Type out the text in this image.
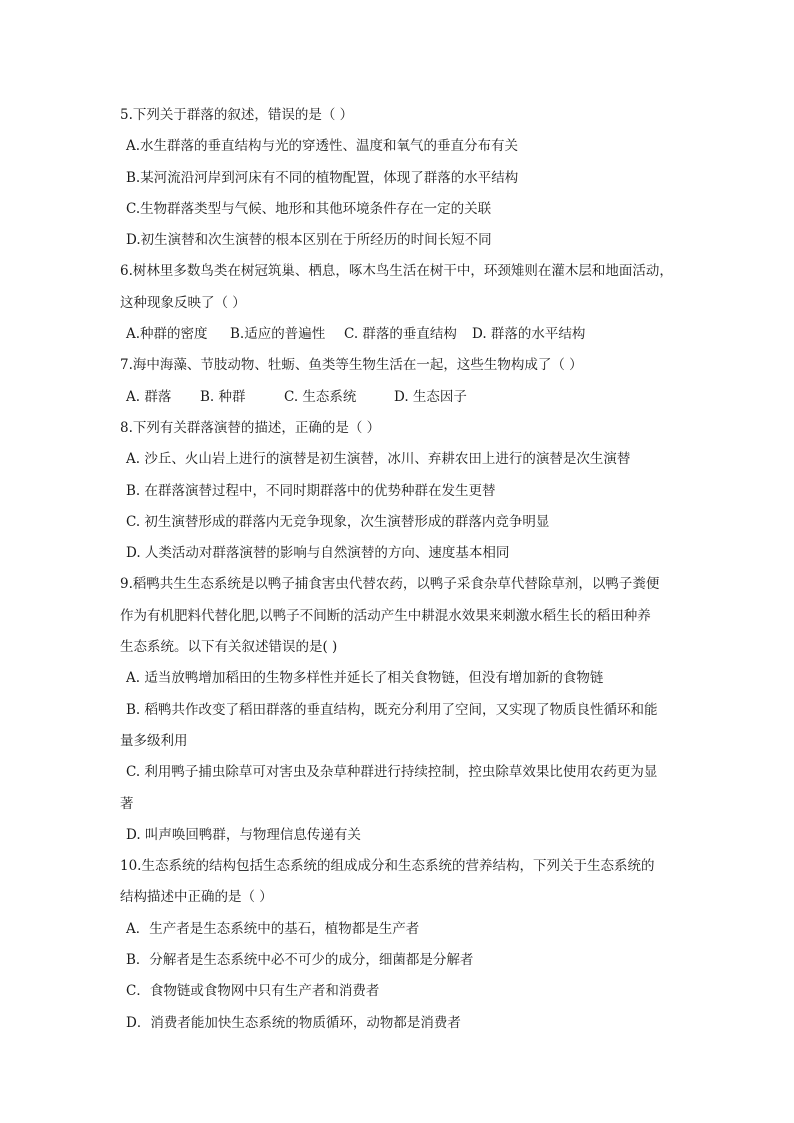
5.下列关于群落的叙述，错误的是（ ）
A.水生群落的垂直结构与光的穿透性、温度和氧气的垂直分布有关
B.某河流沿河岸到河床有不同的植物配置，体现了群落的水平结构
C.生物群落类型与气候、地形和其他环境条件存在一定的关联
D.初生演替和次生演替的根本区别在于所经历的时间长短不同
6.树林里多数鸟类在树冠筑巢、栖息，啄木鸟生活在树干中，环颈雉则在灌木层和地面活动，
这种现象反映了（ ）
A.种群的密度 B.适应的普遍性 C. 群落的垂直结构 D. 群落的水平结构
7.海中海藻、节肢动物、牡蛎、鱼类等生物生活在一起，这些生物构成了（ ）
A. 群落 B. 种群	C. 生态系统	D. 生态因子
8.下列有关群落演替的描述，正确的是（ ）
A. 沙丘、火山岩上进行的演替是初生演替，冰川、弃耕农田上进行的演替是次生演替
B. 在群落演替过程中，不同时期群落中的优势种群在发生更替
C. 初生演替形成的群落内无竞争现象，次生演替形成的群落内竞争明显
D. 人类活动对群落演替的影响与自然演替的方向、速度基本相同
9.稻鸭共生生态系统是以鸭子捕食害虫代替农药，以鸭子采食杂草代替除草剂，以鸭子粪便
作为有机肥料代替化肥,以鸭子不间断的活动产生中耕混水效果来刺激水稻生长的稻田种养
生态系统。以下有关叙述错误的是( )
A. 适当放鸭增加稻田的生物多样性并延长了相关食物链，但没有增加新的食物链
B. 稻鸭共作改变了稻田群落的垂直结构，既充分利用了空间，又实现了物质良性循环和能
量多级利用
C. 利用鸭子捕虫除草可对害虫及杂草种群进行持续控制，控虫除草效果比使用农药更为显
著
D. 叫声唤回鸭群，与物理信息传递有关
10.生态系统的结构包括生态系统的组成成分和生态系统的营养结构，下列关于生态系统的
结构描述中正确的是（ ）
A．生产者是生态系统中的基石，植物都是生产者
B．分解者是生态系统中必不可少的成分，细菌都是分解者
C．食物链或食物网中只有生产者和消费者
D．消费者能加快生态系统的物质循环，动物都是消费者
